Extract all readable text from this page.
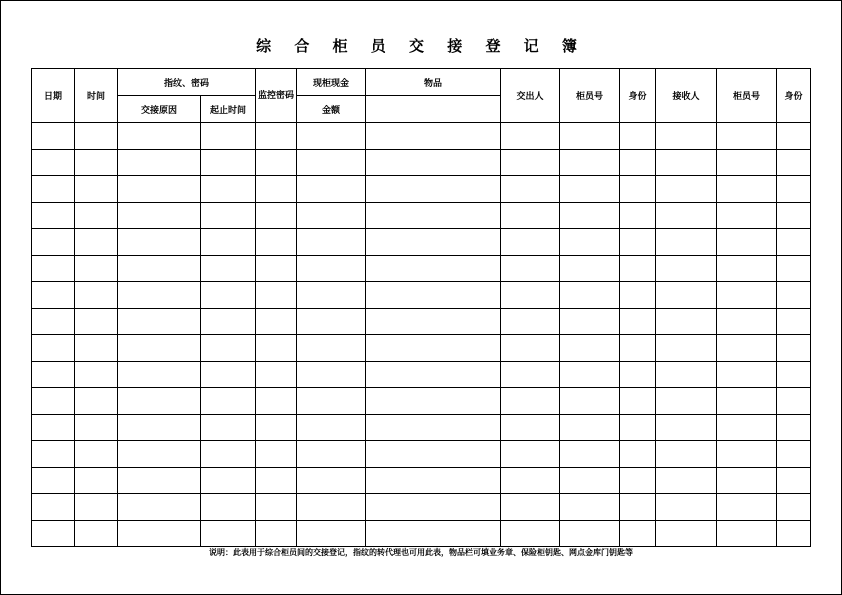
综 合 柜 员 交 接 登 记 簿
日期	时间	指纹、密码		监控密码	现柜现金	物品	交出人	柜员号	身份	接收人	柜员号	身份
		交接原因	起止时间		金额							

说明：此表用于综合柜员间的交接登记，指纹的转代理也可用此表，物品栏可填业务章、保险柜钥匙、网点金库门钥匙等
